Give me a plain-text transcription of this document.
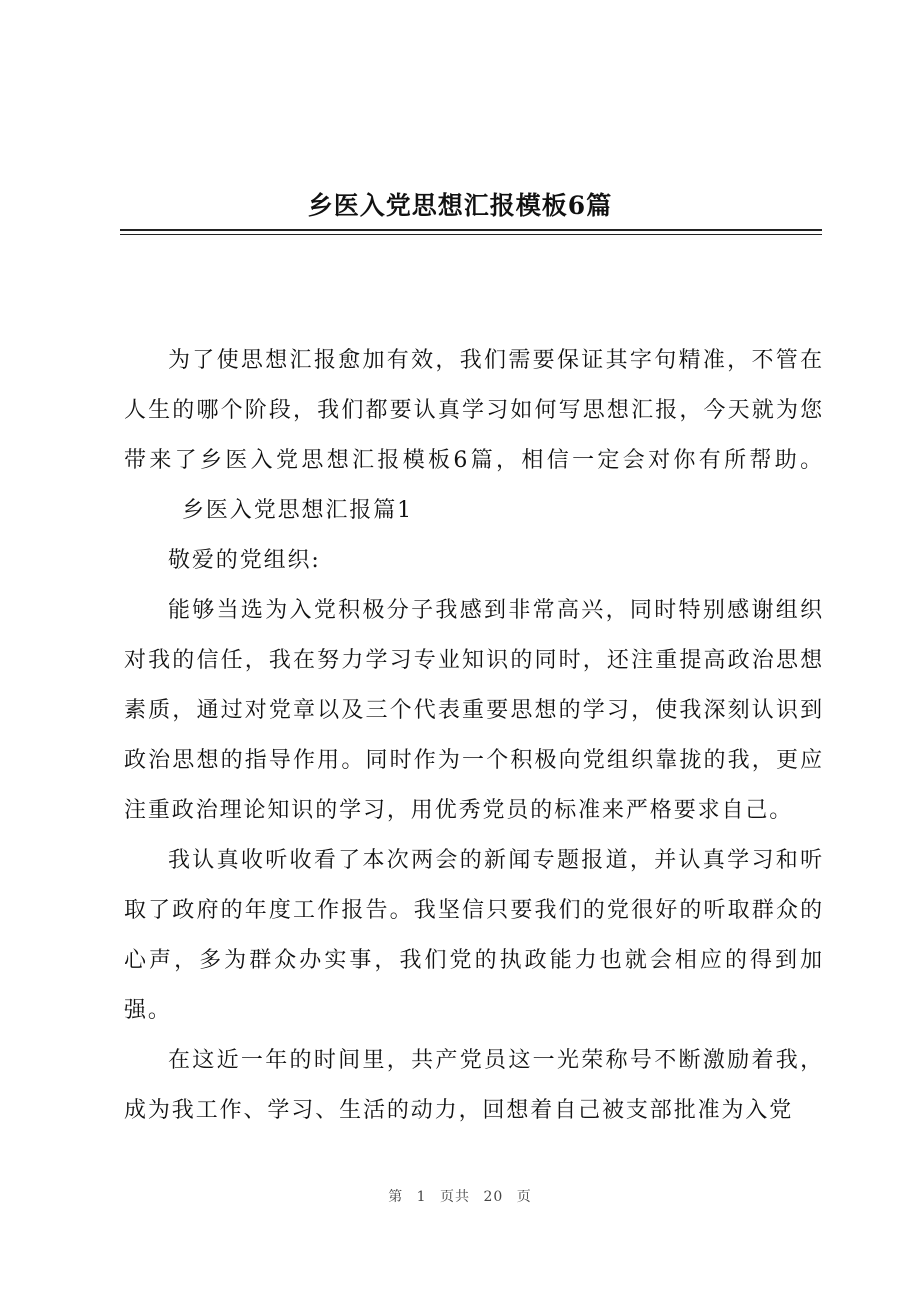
乡医入党思想汇报模板6篇

为了使思想汇报愈加有效，我们需要保证其字句精准，不管在人生的哪个阶段，我们都要认真学习如何写思想汇报，今天就为您带来了乡医入党思想汇报模板6篇，相信一定会对你有所帮助。乡医入党思想汇报篇1

敬爱的党组织:

能够当选为入党积极分子我感到非常高兴，同时特别感谢组织对我的信任，我在努力学习专业知识的同时，还注重提高政治思想素质，通过对党章以及三个代表重要思想的学习，使我深刻认识到政治思想的指导作用。同时作为一个积极向党组织靠拢的我，更应注重政治理论知识的学习，用优秀党员的标准来严格要求自己。

我认真收听收看了本次两会的新闻专题报道，并认真学习和听取了政府的年度工作报告。我坚信只要我们的党很好的听取群众的心声，多为群众办实事，我们党的执政能力也就会相应的得到加强。

在这近一年的时间里，共产党员这一光荣称号不断激励着我，成为我工作、学习、生活的动力，回想着自己被支部批准为入党

第 1 页共 20 页
